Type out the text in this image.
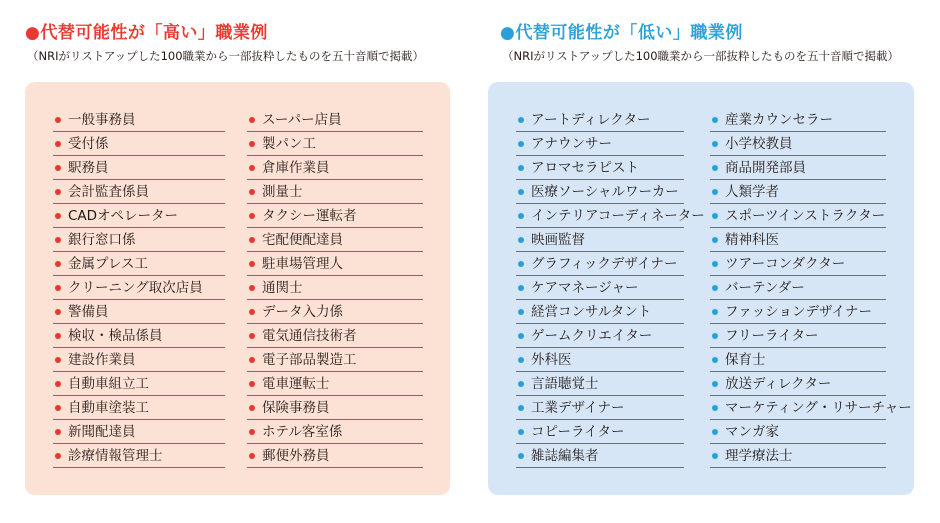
●代替可能性が「高い」職業例
（NRIがリストアップした100職業から一部抜粋したものを五十音順で掲載）
一般事務員
受付係
駅務員
会計監査係員
CADオペレーター
銀行窓口係
金属プレス工
クリーニング取次店員
警備員
検収・検品係員
建設作業員
自動車組立工
自動車塗装工
新聞配達員
診療情報管理士
スーパー店員
製パン工
倉庫作業員
測量士
タクシー運転者
宅配便配達員
駐車場管理人
通関士
データ入力係
電気通信技術者
電子部品製造工
電車運転士
保険事務員
ホテル客室係
郵便外務員
●代替可能性が「低い」職業例
（NRIがリストアップした100職業から一部抜粋したものを五十音順で掲載）
アートディレクター
アナウンサー
アロマセラピスト
医療ソーシャルワーカー
インテリアコーディネーター
映画監督
グラフィックデザイナー
ケアマネージャー
経営コンサルタント
ゲームクリエイター
外科医
言語聴覚士
工業デザイナー
コピーライター
雑誌編集者
産業カウンセラー
小学校教員
商品開発部員
人類学者
スポーツインストラクター
精神科医
ツアーコンダクター
バーテンダー
ファッションデザイナー
フリーライター
保育士
放送ディレクター
マーケティング・リサーチャー
マンガ家
理学療法士
